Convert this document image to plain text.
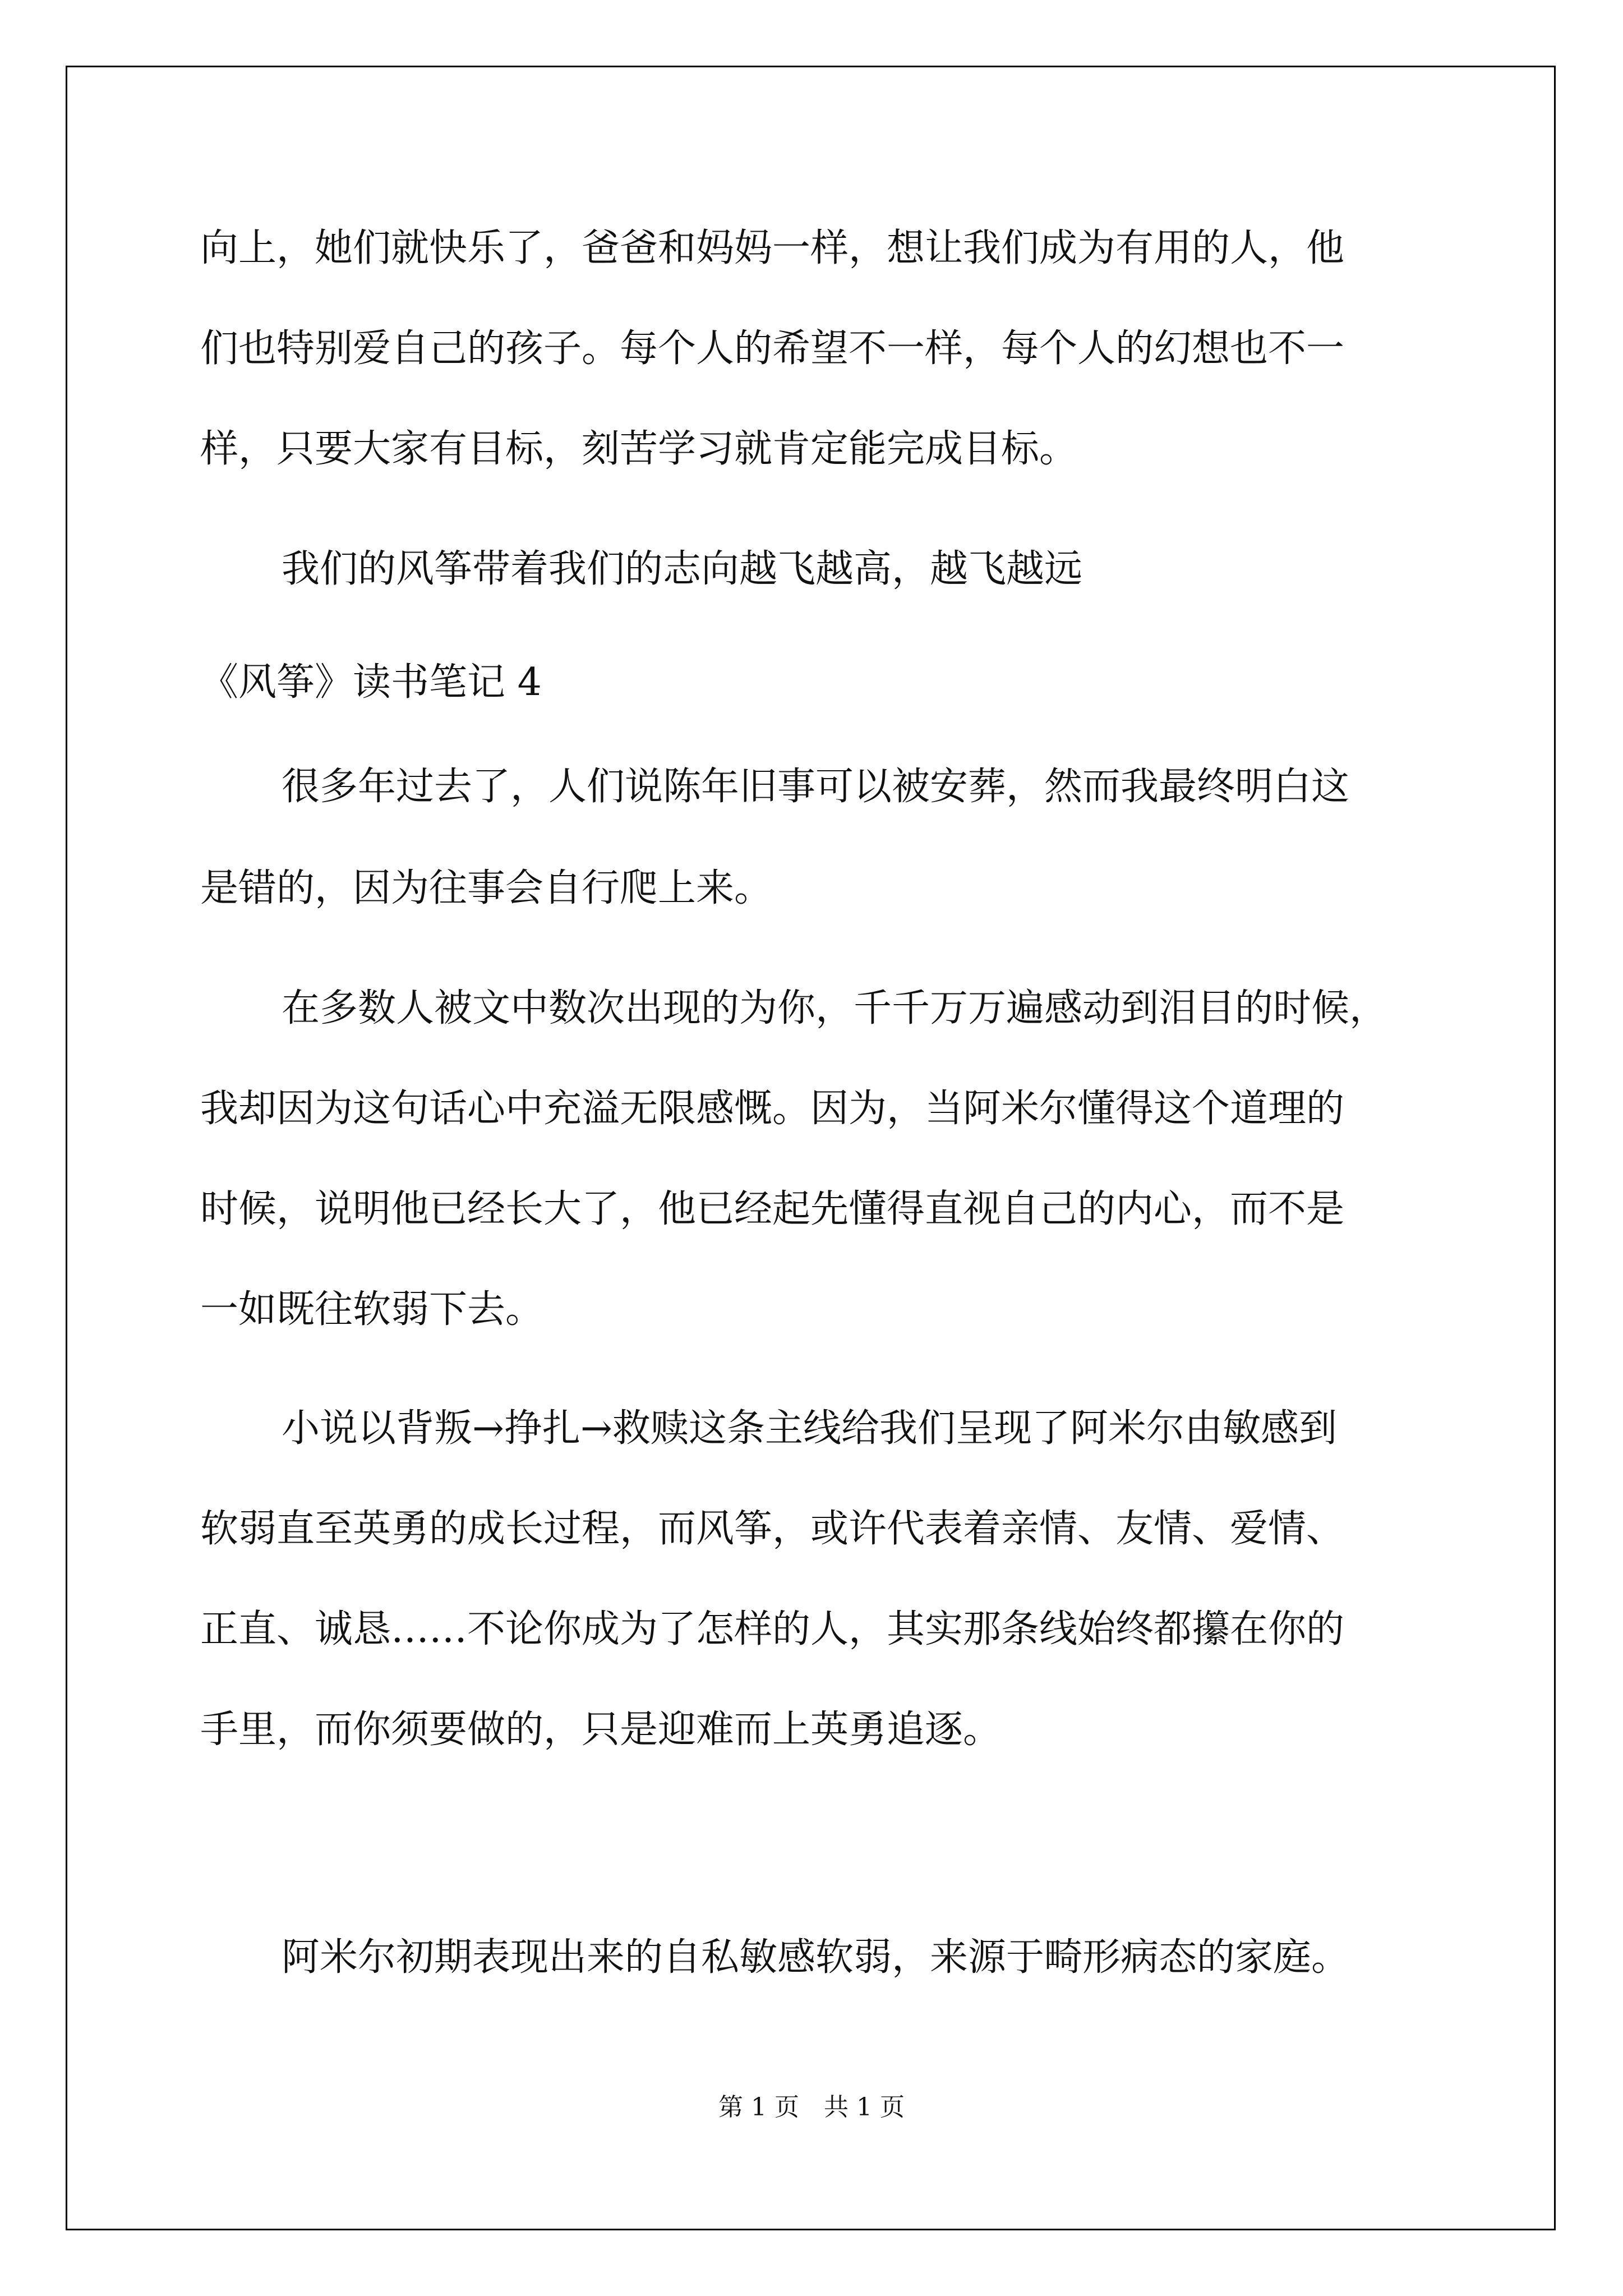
向上，她们就快乐了，爸爸和妈妈一样，想让我们成为有用的人，他
们也特别爱自己的孩子。每个人的希望不一样，每个人的幻想也不一
样，只要大家有目标，刻苦学习就肯定能完成目标。
我们的风筝带着我们的志向越飞越高，越飞越远
《风筝》读书笔记 4
很多年过去了，人们说陈年旧事可以被安葬，然而我最终明白这
是错的，因为往事会自行爬上来。
在多数人被文中数次出现的为你，千千万万遍感动到泪目的时候，
我却因为这句话心中充溢无限感慨。因为，当阿米尔懂得这个道理的
时候，说明他已经长大了，他已经起先懂得直视自己的内心，而不是
一如既往软弱下去。
小说以背叛→挣扎→救赎这条主线给我们呈现了阿米尔由敏感到
软弱直至英勇的成长过程，而风筝，或许代表着亲情、友情、爱情、
正直、诚恳……不论你成为了怎样的人，其实那条线始终都攥在你的
手里，而你须要做的，只是迎难而上英勇追逐。
阿米尔初期表现出来的自私敏感软弱，来源于畸形病态的家庭。
第 1 页　共 1 页
